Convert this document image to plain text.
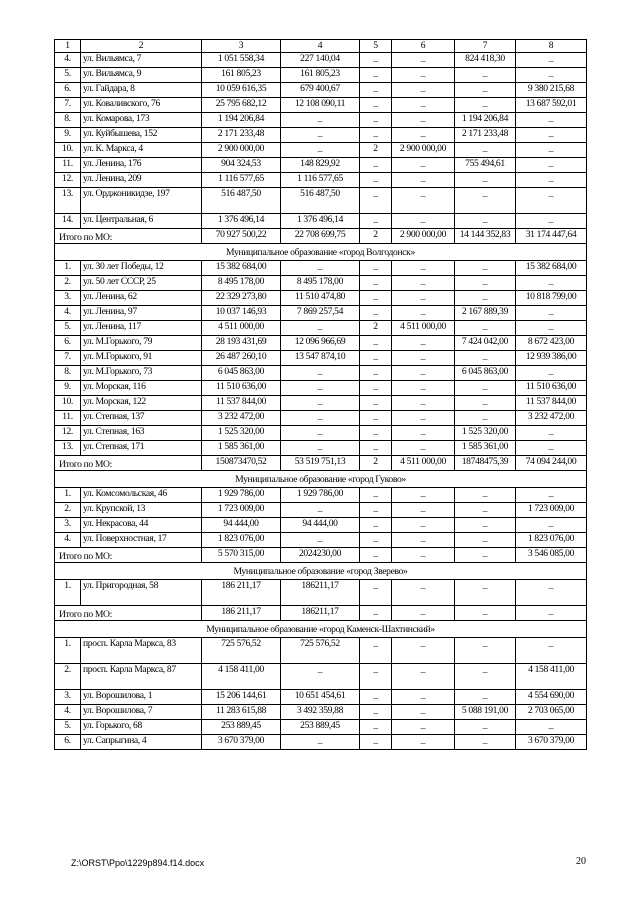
1	2	3	4	5	6	7	8
4.	ул. Вильямса, 7	1 051 558,34	227 140,04	_	_	824 418,30	_
5.	ул. Вильямса, 9	161 805,23	161 805,23	_	_	_	_
6.	ул. Гайдара, 8	10 059 616,35	679 400,67	_	_	_	9 380 215,68
7.	ул. Коваливского, 76	25 795 682,12	12 108 090,11	_	_	_	13 687 592,01
8.	ул. Комарова, 173	1 194 206,84	_	_	_	1 194 206,84	_
9.	ул. Куйбышева, 152	2 171 233,48	_	_	_	2 171 233,48	_
10.	ул. К. Маркса, 4	2 900 000,00	_	2	2 900 000,00	_	_
11.	ул. Ленина, 176	904 324,53	148 829,92	_	_	755 494,61	_
12.	ул. Ленина, 209	1 116 577,65	1 116 577,65	_	_	_	_
13.	ул. Орджоникидзе, 197	516 487,50	516 487,50	_	_	_	_
14.	ул. Центральная, 6	1 376 496,14	1 376 496,14	_	_	_	_
Итого по МО:		70 927 500,22	22 708 699,75	2	2 900 000,00	14 144 352,83	31 174 447,64
Муниципальное образование «город Волгодонск»							
1.	ул. 30 лет Победы, 12	15 382 684,00	_	_	_	_	15 382 684,00
2.	ул. 50 лет СССР, 25	8 495 178,00	8 495 178,00	_	_	_	_
3.	ул. Ленина, 62	22 329 273,80	11 510 474,80	_	_	_	10 818 799,00
4.	ул. Ленина, 97	10 037 146,93	7 869 257,54	_	_	2 167 889,39	_
5.	ул. Ленина, 117	4 511 000,00	_	2	4 511 000,00	_	_
6.	ул. М.Горького, 79	28 193 431,69	12 096 966,69	_	_	7 424 042,00	8 672 423,00
7.	ул. М.Горького, 91	26 487 260,10	13 547 874,10	_	_	_	12 939 386,00
8.	ул. М.Горького, 73	6 045 863,00	_	_	_	6 045 863,00	_
9.	ул. Морская, 116	11 510 636,00	_	_	_	_	11 510 636,00
10.	ул. Морская, 122	11 537 844,00	_	_	_	_	11 537 844,00
11.	ул. Степная, 137	3 232 472,00	_	_	_	_	3 232 472,00
12.	ул. Степная, 163	1 525 320,00	_	_	_	1 525 320,00	_
13.	ул. Степная, 171	1 585 361,00	_	_	_	1 585 361,00	_
Итого по МО:		150873470,52	53 519 751,13	2	4 511 000,00	18748475,39	74 094 244,00
Муниципальное образование «город Гуково»							
1.	ул. Комсомольская, 46	1 929 786,00	1 929 786,00	_	_	_	_
2.	ул. Крупской, 13	1 723 009,00	_	_	_	_	1 723 009,00
3.	ул. Некрасова, 44	94 444,00	94 444,00	_	_	_	_
4.	ул. Поверхностная, 17	1 823 076,00	_	_	_	_	1 823 076,00
Итого по МО:		5 570 315,00	2024230,00	_	_	_	3 546 085,00
Муниципальное образование «город Зверево»							
1.	ул. Пригородная, 58	186 211,17	186211,17	_	_	_	_
Итого по МО:		186 211,17	186211,17	_	_	_	_
Муниципальное образование «город Каменск-Шахтинский»							
1.	просп. Карла Маркса, 83	725 576,52	725 576,52	_	_	_	_
2.	просп. Карла Маркса, 87	4 158 411,00	_	_	_	_	4 158 411,00
3.	ул. Ворошилова, 1	15 206 144,61	10 651 454,61	_	_	_	4 554 690,00
4.	ул. Ворошилова, 7	11 283 615,88	3 492 359,88	_	_	5 088 191,00	2 703 065,00
5.	ул. Горького, 68	253 889,45	253 889,45	_	_	_	_
6.	ул. Сапрыгина, 4	3 670 379,00	_	_	_	_	3 670 379,00
Z:\ORST\Ppo\1229p894.f14.docx	20
